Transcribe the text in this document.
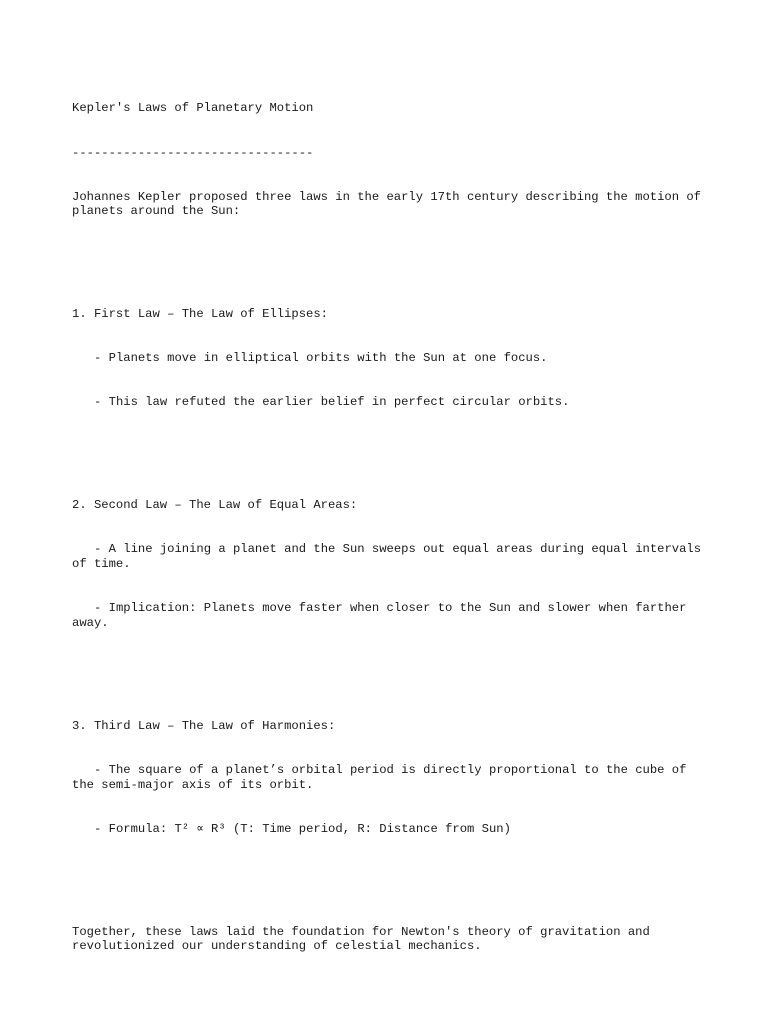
Kepler's Laws of Planetary Motion

---------------------------------

Johannes Kepler proposed three laws in the early 17th century describing the motion of planets around the Sun:

1. First Law – The Law of Ellipses:

- Planets move in elliptical orbits with the Sun at one focus.

- This law refuted the earlier belief in perfect circular orbits.

2. Second Law – The Law of Equal Areas:

- A line joining a planet and the Sun sweeps out equal areas during equal intervals of time.

- Implication: Planets move faster when closer to the Sun and slower when farther away.

3. Third Law – The Law of Harmonies:

- The square of a planet’s orbital period is directly proportional to the cube of the semi-major axis of its orbit.

- Formula: T² ∝ R³ (T: Time period, R: Distance from Sun)

Together, these laws laid the foundation for Newton's theory of gravitation and revolutionized our understanding of celestial mechanics.
